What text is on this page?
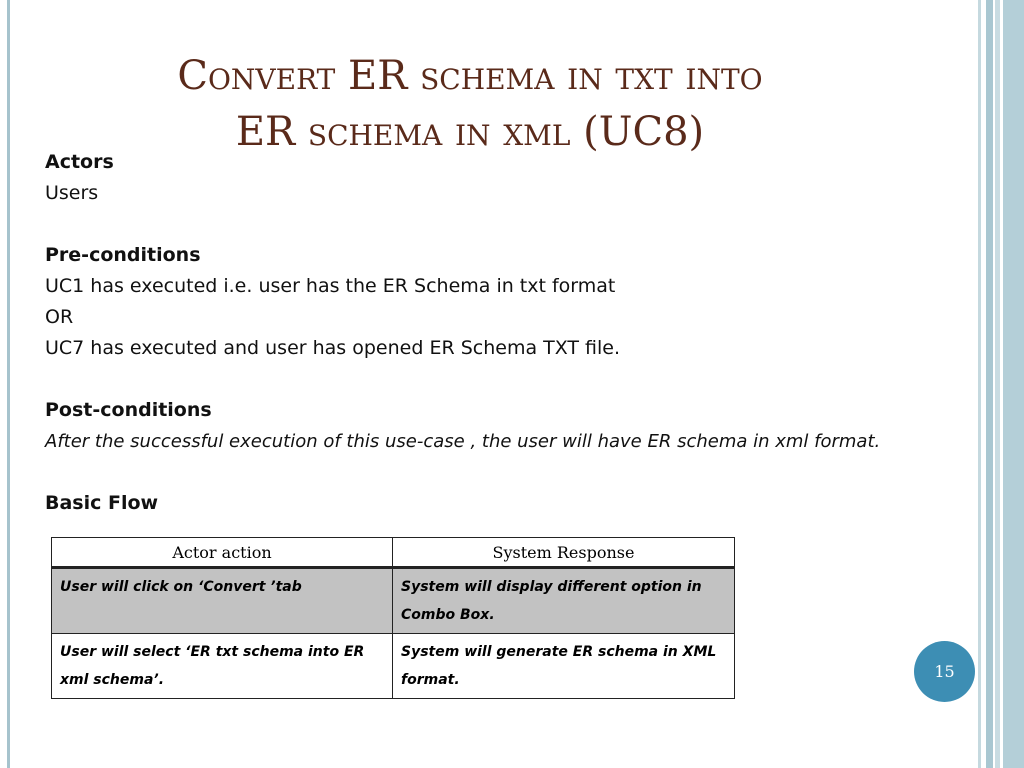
Convert ER schema in txt into
ER schema in xml (UC8)
Actors
Users
Pre-conditions
UC1 has executed i.e. user has the ER Schema in txt format
OR
UC7 has executed and user has opened ER Schema TXT file.
Post-conditions
After the successful execution of this use-case , the user will have ER schema in xml format.
Basic Flow
Actor action	System Response
User will click on ‘Convert ’tab	System will display different option in Combo Box.
User will select ‘ER txt schema into ER xml schema’.	System will generate ER schema in XML format.	15
